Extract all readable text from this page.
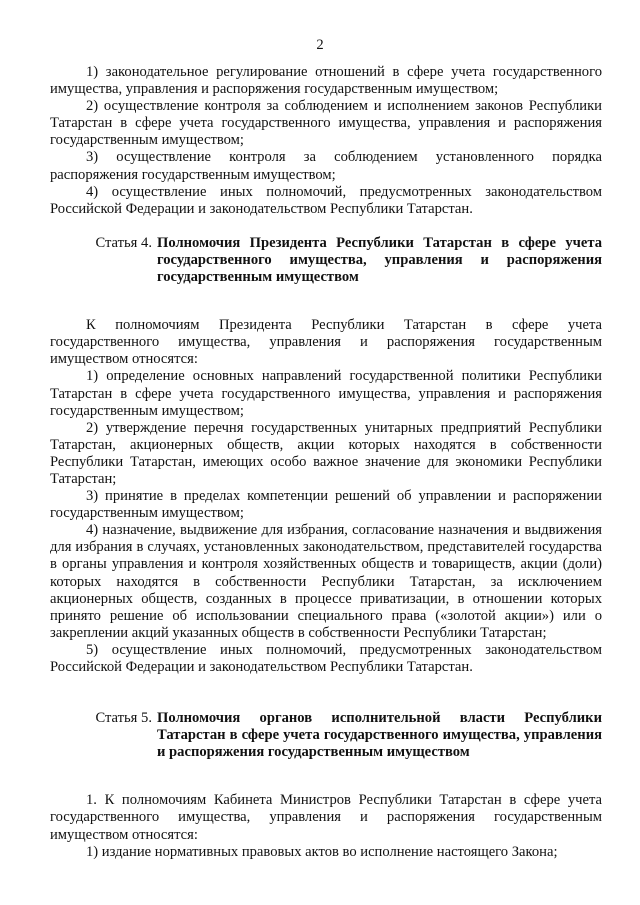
2

1) законодательное регулирование отношений в сфере учета государственного имущества, управления и распоряжения государственным имуществом;

2) осуществление контроля за соблюдением и исполнением законов Республики Татарстан в сфере учета государственного имущества, управления и распоряжения государственным имуществом;

3) осуществление контроля за соблюдением установленного порядка распоряжения государственным имуществом;

4) осуществление иных полномочий, предусмотренных законодательством Российской Федерации и законодательством Республики Татарстан.

Статья 4. Полномочия Президента Республики Татарстан в сфере учета государственного имущества, управления и распоряжения государственным имуществом

К полномочиям Президента Республики Татарстан в сфере учета государственного имущества, управления и распоряжения государственным имуществом относятся:

1) определение основных направлений государственной политики Республики Татарстан в сфере учета государственного имущества, управления и распоряжения государственным имуществом;

2) утверждение перечня государственных унитарных предприятий Республики Татарстан, акционерных обществ, акции которых находятся в собственности Республики Татарстан, имеющих особо важное значение для экономики Республики Татарстан;

3) принятие в пределах компетенции решений об управлении и распоряжении государственным имуществом;

4) назначение, выдвижение для избрания, согласование назначения и выдвижения для избрания в случаях, установленных законодательством, представителей государства в органы управления и контроля хозяйственных обществ и товариществ, акции (доли) которых находятся в собственности Республики Татарстан, за исключением акционерных обществ, созданных в процессе приватизации, в отношении которых принято решение об использовании специального права («золотой акции») или о закреплении акций указанных обществ в собственности Республики Татарстан;

5) осуществление иных полномочий, предусмотренных законодательством Российской Федерации и законодательством Республики Татарстан.

Статья 5. Полномочия органов исполнительной власти Республики Татарстан в сфере учета государственного имущества, управления и распоряжения государственным имуществом

1. К полномочиям Кабинета Министров Республики Татарстан в сфере учета государственного имущества, управления и распоряжения государственным имуществом относятся:

1) издание нормативных правовых актов во исполнение настоящего Закона;
